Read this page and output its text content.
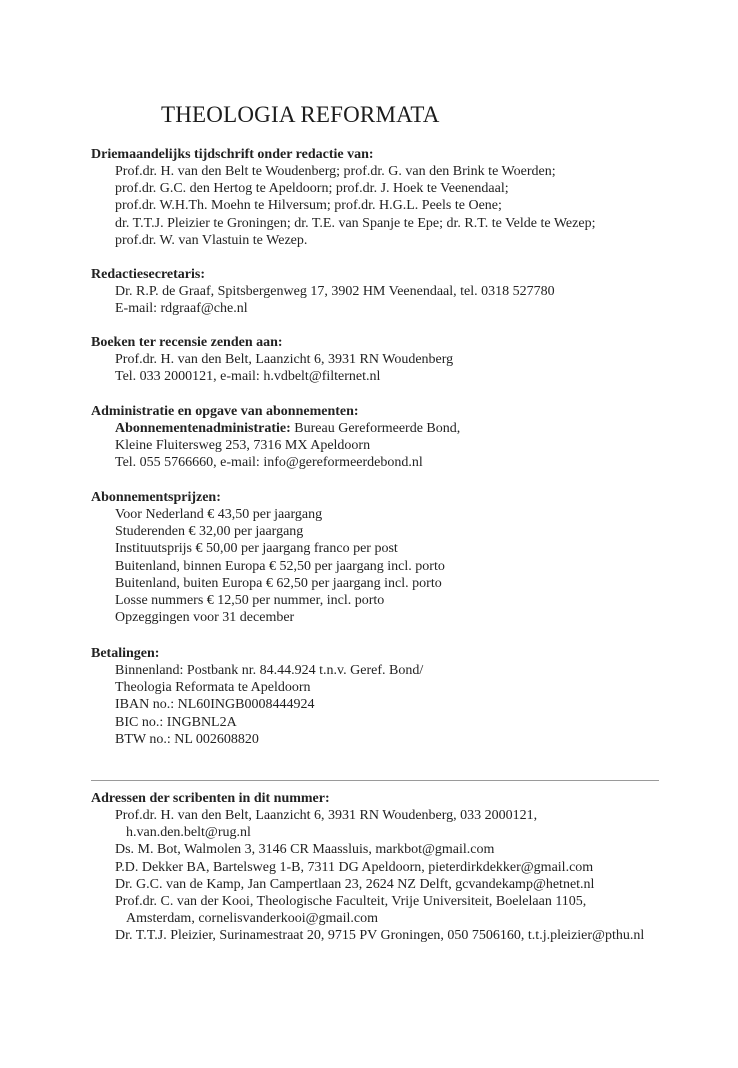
THEOLOGIA REFORMATA
Driemaandelijks tijdschrift onder redactie van:
Prof.dr. H. van den Belt te Woudenberg; prof.dr. G. van den Brink te Woerden;
prof.dr. G.C. den Hertog te Apeldoorn; prof.dr. J. Hoek te Veenendaal;
prof.dr. W.H.Th. Moehn te Hilversum; prof.dr. H.G.L. Peels te Oene;
dr. T.T.J. Pleizier te Groningen; dr. T.E. van Spanje te Epe; dr. R.T. te Velde te Wezep;
prof.dr. W. van Vlastuin te Wezep.
Redactiesecretaris:
Dr. R.P. de Graaf, Spitsbergenweg 17, 3902 HM Veenendaal, tel. 0318 527780
E-mail: rdgraaf@che.nl
Boeken ter recensie zenden aan:
Prof.dr. H. van den Belt, Laanzicht 6, 3931 RN Woudenberg
Tel. 033 2000121, e-mail: h.vdbelt@filternet.nl
Administratie en opgave van abonnementen:
Abonnementenadministratie: Bureau Gereformeerde Bond,
Kleine Fluitersweg 253, 7316 MX Apeldoorn
Tel. 055 5766660, e-mail: info@gereformeerdebond.nl
Abonnementsprijzen:
Voor Nederland € 43,50 per jaargang
Studerenden € 32,00 per jaargang
Instituutsprijs € 50,00 per jaargang franco per post
Buitenland, binnen Europa € 52,50 per jaargang incl. porto
Buitenland, buiten Europa € 62,50 per jaargang incl. porto
Losse nummers € 12,50 per nummer, incl. porto
Opzeggingen voor 31 december
Betalingen:
Binnenland: Postbank nr. 84.44.924 t.n.v. Geref. Bond/
Theologia Reformata te Apeldoorn
IBAN no.: NL60INGB0008444924
BIC no.: INGBNL2A
BTW no.: NL 002608820
Adressen der scribenten in dit nummer:
Prof.dr. H. van den Belt, Laanzicht 6, 3931 RN Woudenberg, 033 2000121,
h.van.den.belt@rug.nl
Ds. M. Bot, Walmolen 3, 3146 CR Maassluis, markbot@gmail.com
P.D. Dekker BA, Bartelsweg 1-B, 7311 DG Apeldoorn, pieterdirkdekker@gmail.com
Dr. G.C. van de Kamp, Jan Campertlaan 23, 2624 NZ Delft, gcvandekamp@hetnet.nl
Prof.dr. C. van der Kooi, Theologische Faculteit, Vrije Universiteit, Boelelaan 1105,
Amsterdam, cornelisvanderkooi@gmail.com
Dr. T.T.J. Pleizier, Surinamestraat 20, 9715 PV Groningen, 050 7506160, t.t.j.pleizier@pthu.nl
